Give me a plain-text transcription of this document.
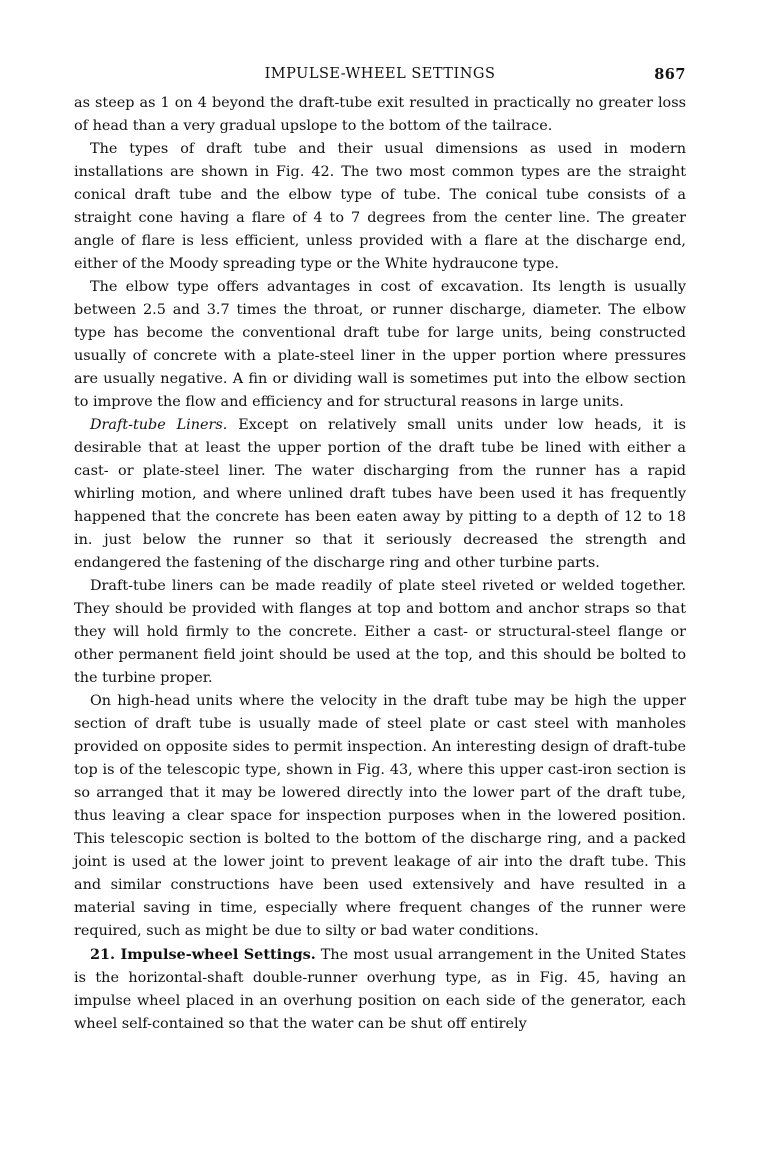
IMPULSE-WHEEL SETTINGS	867

as steep as 1 on 4 beyond the draft-tube exit resulted in practically no greater loss of head than a very gradual upslope to the bottom of the tailrace.

The types of draft tube and their usual dimensions as used in modern installations are shown in Fig. 42. The two most common types are the straight conical draft tube and the elbow type of tube. The conical tube consists of a straight cone having a flare of 4 to 7 degrees from the center line. The greater angle of flare is less efficient, unless provided with a flare at the discharge end, either of the Moody spreading type or the White hydraucone type.

The elbow type offers advantages in cost of excavation. Its length is usually between 2.5 and 3.7 times the throat, or runner discharge, diameter. The elbow type has become the conventional draft tube for large units, being constructed usually of concrete with a plate-steel liner in the upper portion where pressures are usually negative. A fin or dividing wall is sometimes put into the elbow section to improve the flow and efficiency and for structural reasons in large units.

Draft-tube Liners. Except on relatively small units under low heads, it is desirable that at least the upper portion of the draft tube be lined with either a cast- or plate-steel liner. The water discharging from the runner has a rapid whirling motion, and where unlined draft tubes have been used it has frequently happened that the concrete has been eaten away by pitting to a depth of 12 to 18 in. just below the runner so that it seriously decreased the strength and endangered the fastening of the discharge ring and other turbine parts.

Draft-tube liners can be made readily of plate steel riveted or welded together. They should be provided with flanges at top and bottom and anchor straps so that they will hold firmly to the concrete. Either a cast- or structural-steel flange or other permanent field joint should be used at the top, and this should be bolted to the turbine proper.

On high-head units where the velocity in the draft tube may be high the upper section of draft tube is usually made of steel plate or cast steel with manholes provided on opposite sides to permit inspection. An interesting design of draft-tube top is of the telescopic type, shown in Fig. 43, where this upper cast-iron section is so arranged that it may be lowered directly into the lower part of the draft tube, thus leaving a clear space for inspection purposes when in the lowered position. This telescopic section is bolted to the bottom of the discharge ring, and a packed joint is used at the lower joint to prevent leakage of air into the draft tube. This and similar constructions have been used extensively and have resulted in a material saving in time, especially where frequent changes of the runner were required, such as might be due to silty or bad water conditions.

21. Impulse-wheel Settings. The most usual arrangement in the United States is the horizontal-shaft double-runner overhung type, as in Fig. 45, having an impulse wheel placed in an overhung position on each side of the generator, each wheel self-contained so that the water can be shut off entirely
